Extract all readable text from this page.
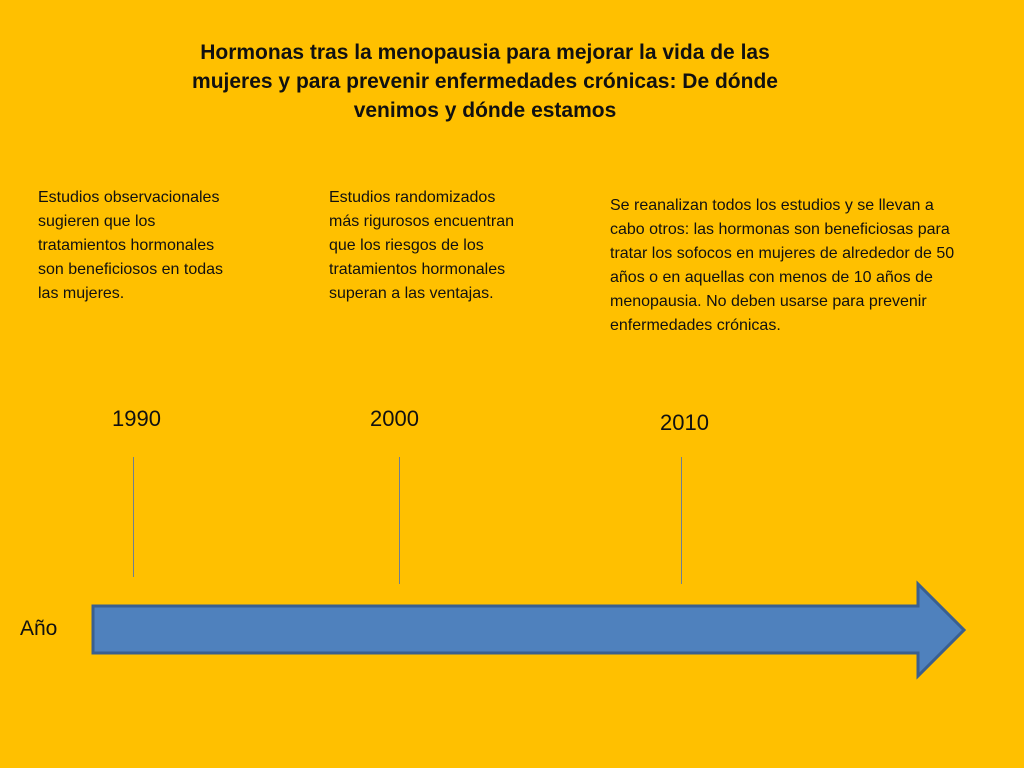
Hormonas tras la menopausia para mejorar la vida de las mujeres y para prevenir enfermedades crónicas: De dónde venimos y dónde estamos
Estudios observacionales sugieren que los tratamientos hormonales son beneficiosos en todas las mujeres.
Estudios randomizados más rigurosos encuentran que los riesgos de los tratamientos hormonales superan a las ventajas.
Se reanalizan todos los estudios y se llevan a cabo otros: las hormonas son beneficiosas para tratar los sofocos en mujeres de alrededor de 50 años o en aquellas con menos de 10 años de menopausia. No deben usarse para prevenir enfermedades crónicas.
1990	2000	2010
Año
